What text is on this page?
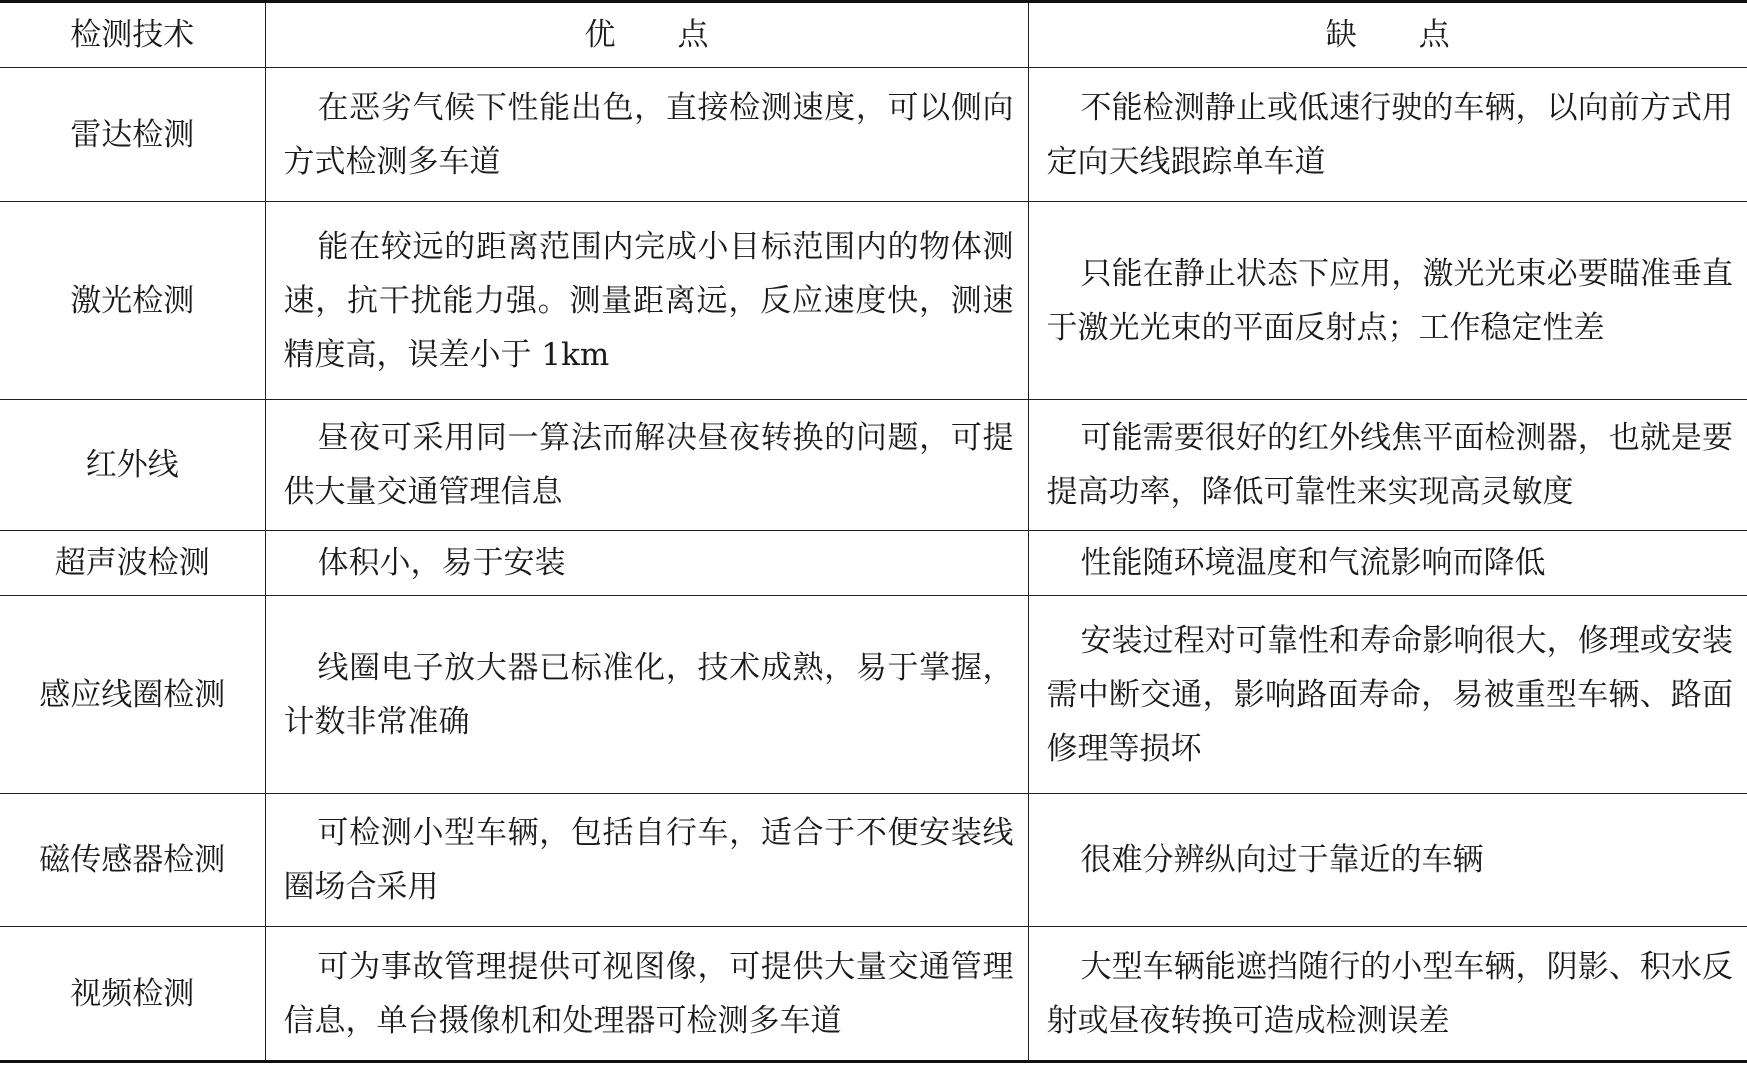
检测技术	优　　点	缺　　点
雷达检测	在恶劣气候下性能出色，直接检测速度，可以侧向方式检测多车道	不能检测静止或低速行驶的车辆，以向前方式用定向天线跟踪单车道

激光检测	能在较远的距离范围内完成小目标范围内的物体测速，抗干扰能力强。测量距离远，反应速度快，测速精度高，误差小于 1km	只能在静止状态下应用，激光光束必要瞄准垂直于激光光束的平面反射点；工作稳定性差

红外线	昼夜可采用同一算法而解决昼夜转换的问题，可提供大量交通管理信息	可能需要很好的红外线焦平面检测器，也就是要提高功率，降低可靠性来实现高灵敏度

超声波检测	体积小，易于安装	性能随环境温度和气流影响而降低

感应线圈检测	线圈电子放大器已标准化，技术成熟，易于掌握，计数非常准确	安装过程对可靠性和寿命影响很大，修理或安装需中断交通，影响路面寿命，易被重型车辆、路面修理等损坏

磁传感器检测	可检测小型车辆，包括自行车，适合于不便安装线圈场合采用	很难分辨纵向过于靠近的车辆

视频检测	可为事故管理提供可视图像，可提供大量交通管理信息，单台摄像机和处理器可检测多车道	大型车辆能遮挡随行的小型车辆，阴影、积水反射或昼夜转换可造成检测误差
